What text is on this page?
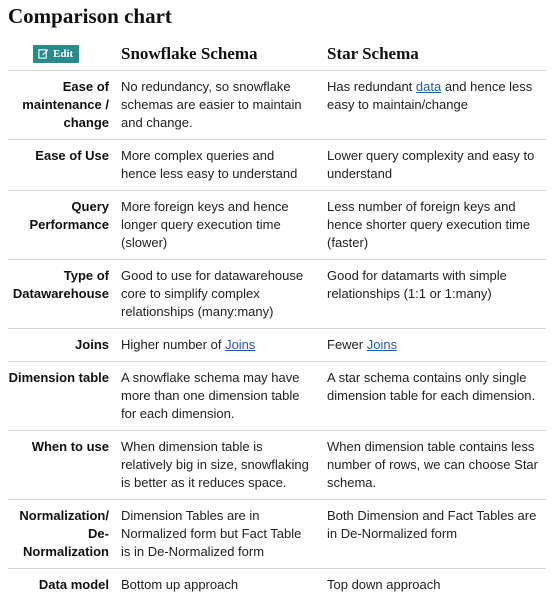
Comparison chart
Edit	Snowflake Schema	Star Schema
Ease of maintenance / change	No redundancy, so snowflake schemas are easier to maintain and change.	Has redundant data and hence less easy to maintain/change
Ease of Use	More complex queries and hence less easy to understand	Lower query complexity and easy to understand
Query Performance	More foreign keys and hence longer query execution time (slower)	Less number of foreign keys and hence shorter query execution time (faster)
Type of Datawarehouse	Good to use for datawarehouse core to simplify complex relationships (many:many)	Good for datamarts with simple relationships (1:1 or 1:many)
Joins	Higher number of Joins	Fewer Joins
Dimension table	A snowflake schema may have more than one dimension table for each dimension.	A star schema contains only single dimension table for each dimension.
When to use	When dimension table is relatively big in size, snowflaking is better as it reduces space.	When dimension table contains less number of rows, we can choose Star schema.
Normalization/ De-Normalization	Dimension Tables are in Normalized form but Fact Table is in De-Normalized form	Both Dimension and Fact Tables are in De-Normalized form
Data model	Bottom up approach	Top down approach
